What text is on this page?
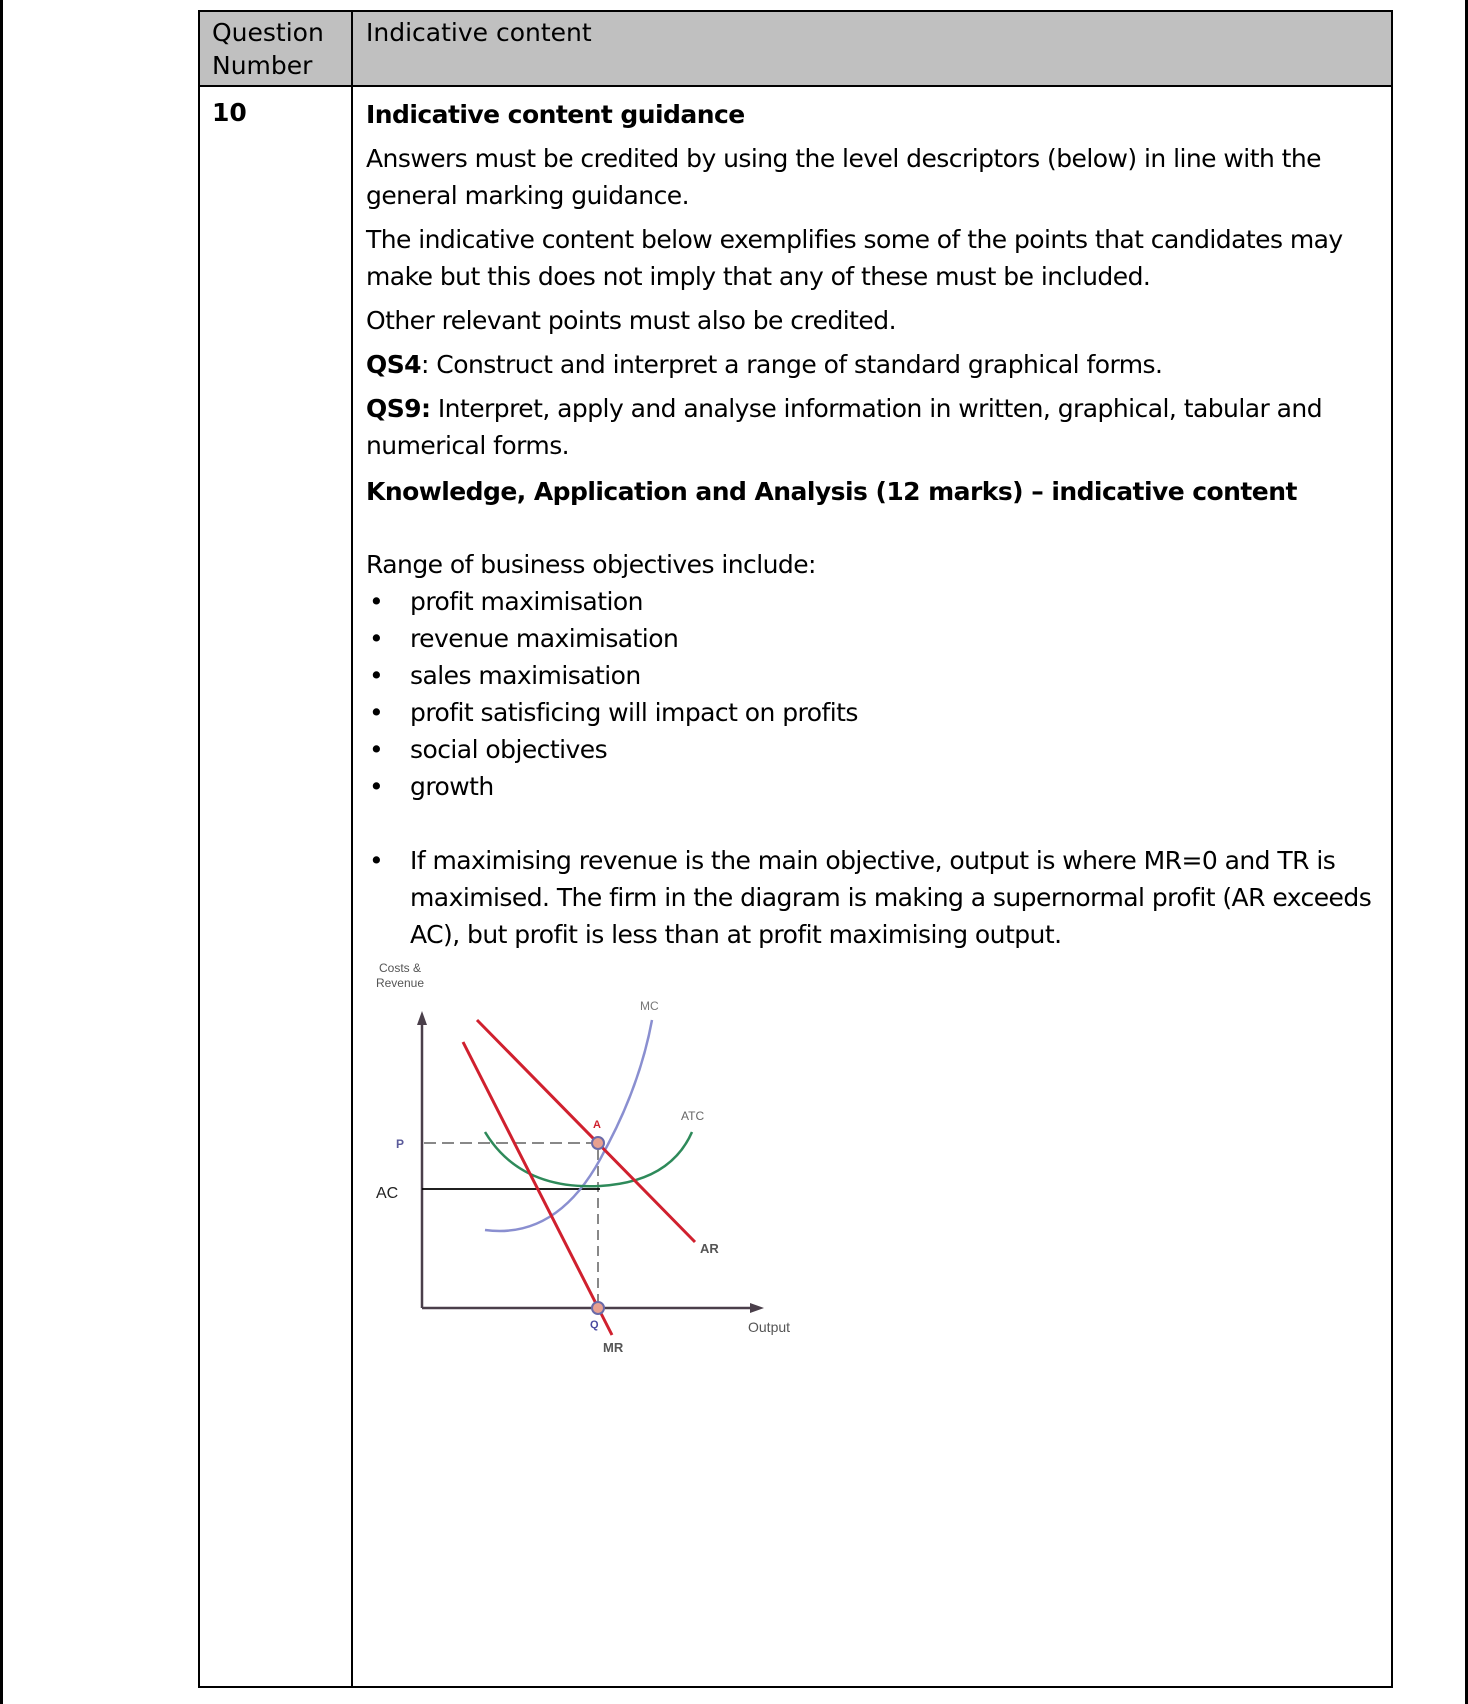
Question Number
Indicative content
10	Indicative content guidance

Answers must be credited by using the level descriptors (below) in line with the general marking guidance.

The indicative content below exemplifies some of the points that candidates may make but this does not imply that any of these must be included.

Other relevant points must also be credited.

QS4: Construct and interpret a range of standard graphical forms.

QS9: Interpret, apply and analyse information in written, graphical, tabular and numerical forms.

Knowledge, Application and Analysis (12 marks) – indicative content

Range of business objectives include:
• profit maximisation
• revenue maximisation
• sales maximisation
• profit satisficing will impact on profits
• social objectives
• growth
• If maximising revenue is the main objective, output is where MR=0 and TR is maximised. The firm in the diagram is making a supernormal profit (AR exceeds AC), but profit is less than at profit maximising output.
Costs &
Revenue
Output
MC
ATC
AR
MR
A
Q
P
AC
